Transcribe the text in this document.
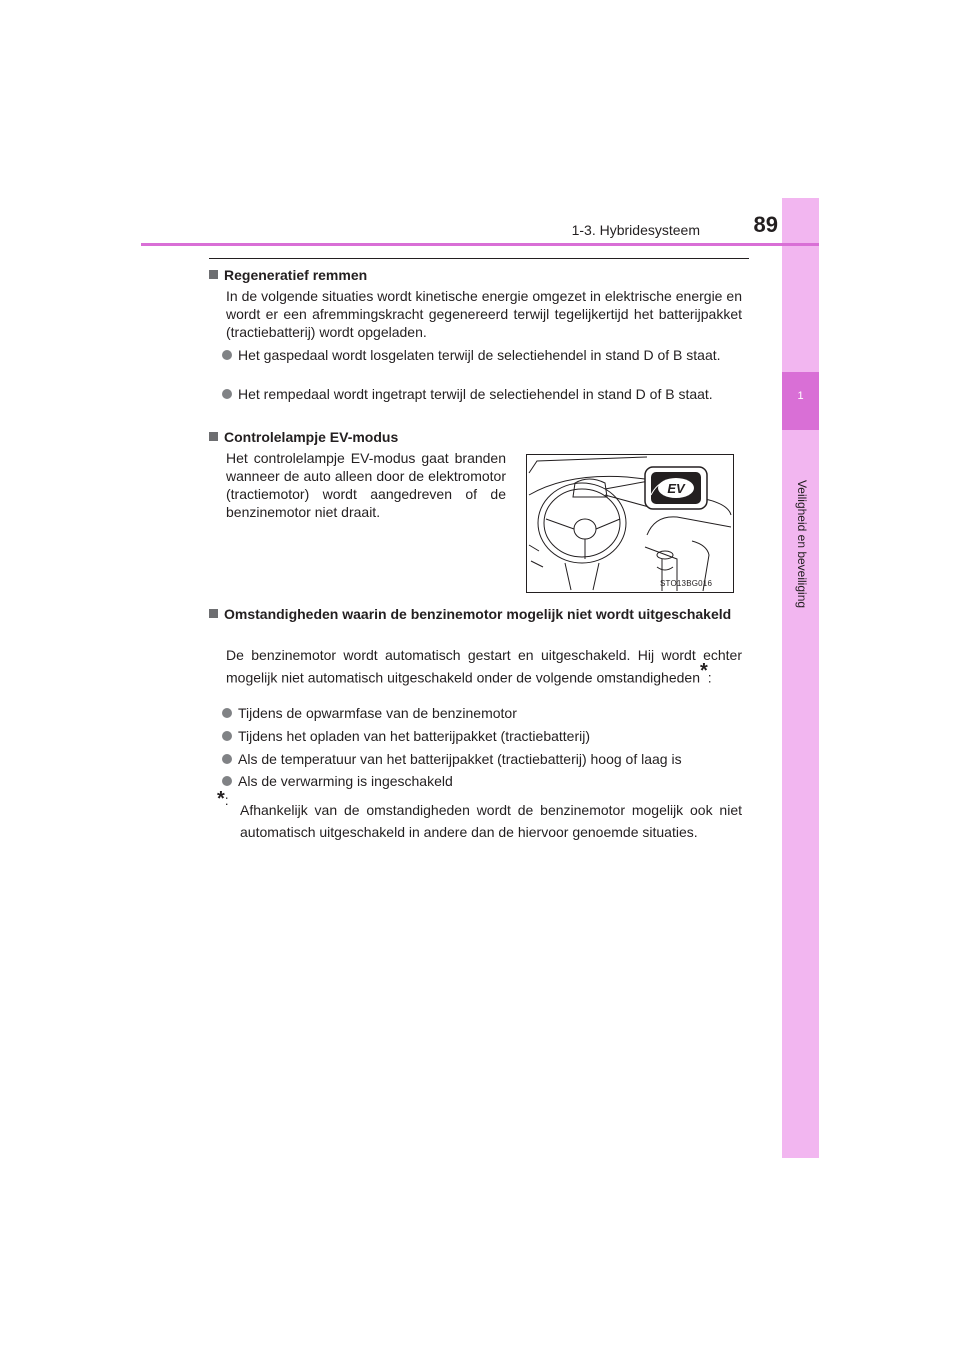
1
Veiligheid en beveiliging
1-3. Hybridesysteem	89
Regeneratief remmen
In de volgende situaties wordt kinetische energie omgezet in elektrische energie en wordt er een afremmingskracht gegenereerd terwijl tegelijkertijd het batterijpakket (tractiebatterij) wordt opgeladen.
Het gaspedaal wordt losgelaten terwijl de selectiehendel in stand D of B staat.
Het rempedaal wordt ingetrapt terwijl de selectiehendel in stand D of B staat.
Controlelampje EV-modus
Het controlelampje EV-modus gaat branden wanneer de auto alleen door de elektromotor (tractiemotor) wordt aangedreven of de benzinemotor niet draait.
EV
STO13BG016
Omstandigheden waarin de benzinemotor mogelijk niet wordt uitgeschakeld
De benzinemotor wordt automatisch gestart en uitgeschakeld. Hij wordt echter mogelijk niet automatisch uitgeschakeld onder de volgende omstandigheden*:
Tijdens de opwarmfase van de benzinemotor
Tijdens het opladen van het batterijpakket (tractiebatterij)
Als de temperatuur van het batterijpakket (tractiebatterij) hoog of laag is
Als de verwarming is ingeschakeld
*:
Afhankelijk van de omstandigheden wordt de benzinemotor mogelijk ook niet automatisch uitgeschakeld in andere dan de hiervoor genoemde situaties.
